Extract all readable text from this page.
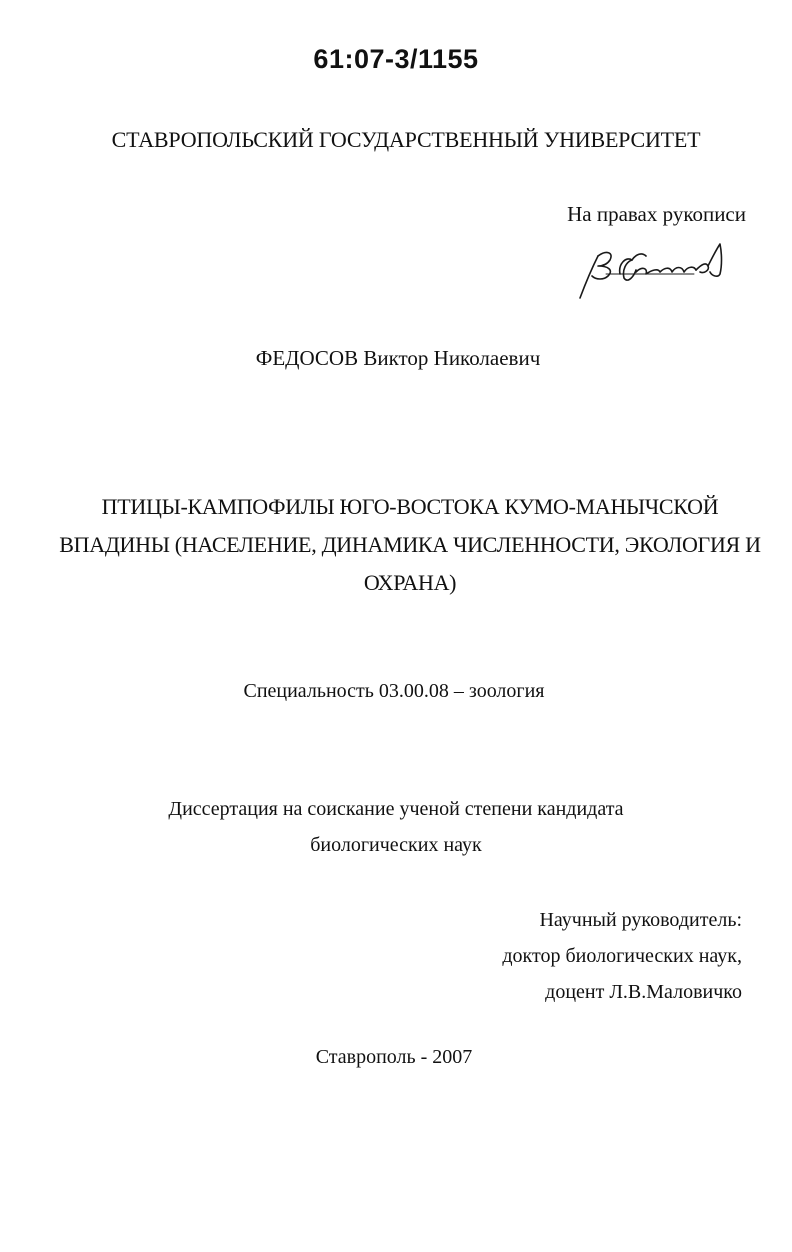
61:07-3/1155

СТАВРОПОЛЬСКИЙ ГОСУДАРСТВЕННЫЙ УНИВЕРСИТЕТ

На правах рукописи

ФЕДОСОВ Виктор Николаевич

ПТИЦЫ-КАМПОФИЛЫ ЮГО-ВОСТОКА КУМО-МАНЫЧСКОЙ
ВПАДИНЫ (НАСЕЛЕНИЕ, ДИНАМИКА ЧИСЛЕННОСТИ, ЭКОЛОГИЯ И
ОХРАНА)

Специальность 03.00.08 – зоология

Диссертация на соискание ученой степени кандидата
биологических наук
Научный руководитель:
доктор биологических наук,
доцент Л.В.Маловичко

Ставрополь - 2007
